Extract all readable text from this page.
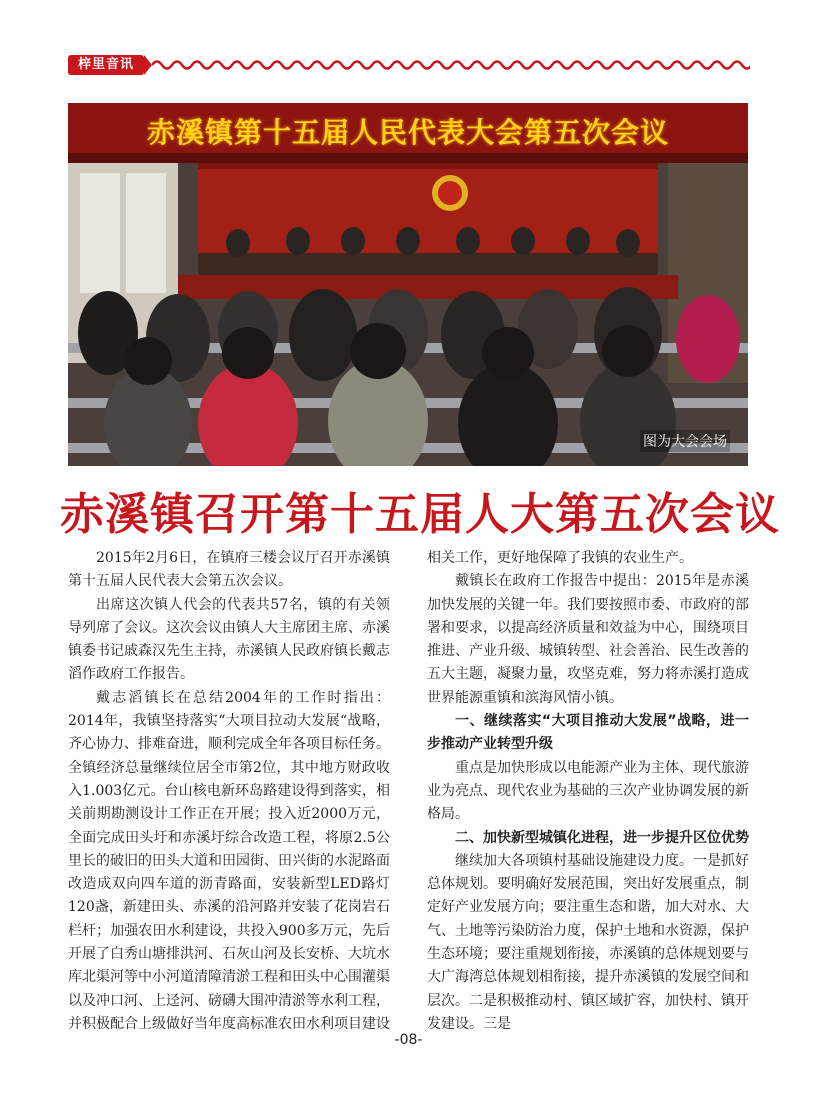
梓里音讯
赤溪镇第十五届人民代表大会第五次会议
图为大会会场
赤溪镇召开第十五届人大第五次会议

2015年2月6日，在镇府三楼会议厅召开赤溪镇第十五届人民代表大会第五次会议。

出席这次镇人代会的代表共57名，镇的有关领导列席了会议。这次会议由镇人大主席团主席、赤溪镇委书记戚森汉先生主持，赤溪镇人民政府镇长戴志滔作政府工作报告。

戴志滔镇长在总结2004年的工作时指出：2014年，我镇坚持落实“大项目拉动大发展“战略，齐心协力、排难奋进，顺利完成全年各项目标任务。全镇经济总量继续位居全市第2位，其中地方财政收入1.003亿元。台山核电新环岛路建设得到落实，相关前期勘测设计工作正在开展；投入近2000万元，全面完成田头圩和赤溪圩综合改造工程，将原2.5公里长的破旧的田头大道和田园街、田兴街的水泥路面改造成双向四车道的沥青路面，安装新型LED路灯120盏，新建田头、赤溪的沿河路并安装了花岗岩石栏杆；加强农田水利建设，共投入900多万元，先后开展了白秀山塘排洪河、石灰山河及长安桥、大坑水库北渠河等中小河道清障清淤工程和田头中心围灌渠以及冲口河、上迳河、磅礴大围冲清淤等水利工程，并积极配合上级做好当年度高标准农田水利项目建设

相关工作，更好地保障了我镇的农业生产。

戴镇长在政府工作报告中提出：2015年是赤溪加快发展的关键一年。我们要按照市委、市政府的部署和要求，以提高经济质量和效益为中心，围绕项目推进、产业升级、城镇转型、社会善治、民生改善的五大主题，凝聚力量，攻坚克难，努力将赤溪打造成世界能源重镇和滨海风情小镇。

一、继续落实“大项目推动大发展”战略，进一步推动产业转型升级

重点是加快形成以电能源产业为主体、现代旅游业为亮点、现代农业为基础的三次产业协调发展的新格局。

二、加快新型城镇化进程，进一步提升区位优势

继续加大各项镇村基础设施建设力度。一是抓好总体规划。要明确好发展范围，突出好发展重点，制定好产业发展方向；要注重生态和谐，加大对水、大气、土地等污染防治力度，保护土地和水资源，保护生态环境；要注重规划衔接，赤溪镇的总体规划要与大广海湾总体规划相衔接，提升赤溪镇的发展空间和层次。二是积极推动村、镇区域扩容，加快村、镇开发建设。三是

-08-
